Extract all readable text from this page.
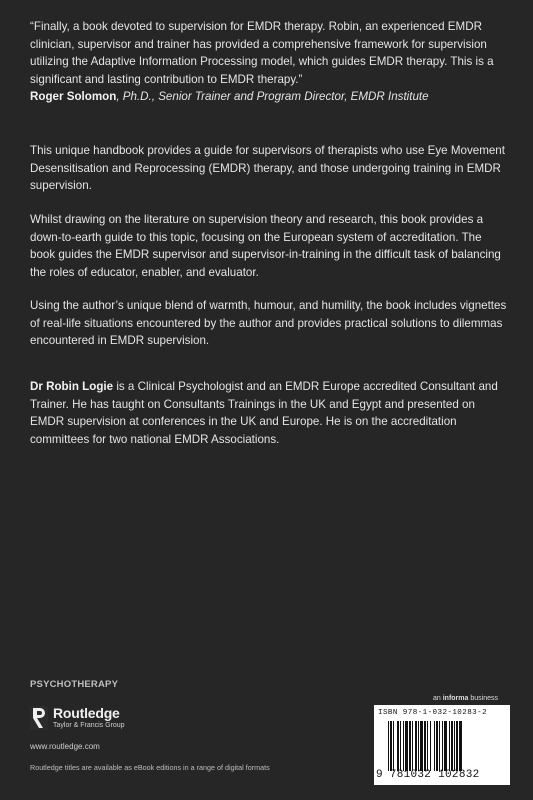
“Finally, a book devoted to supervision for EMDR therapy. Robin, an experienced EMDR clinician, supervisor and trainer has provided a comprehensive framework for supervision utilizing the Adaptive Information Processing model, which guides EMDR therapy. This is a significant and lasting contribution to EMDR therapy.”

Roger Solomon, Ph.D., Senior Trainer and Program Director, EMDR Institute

This unique handbook provides a guide for supervisors of therapists who use Eye Movement Desensitisation and Reprocessing (EMDR) therapy, and those undergoing training in EMDR supervision.

Whilst drawing on the literature on supervision theory and research, this book provides a down-to-earth guide to this topic, focusing on the European system of accreditation. The book guides the EMDR supervisor and supervisor-in-training in the difficult task of balancing the roles of educator, enabler, and evaluator.

Using the author’s unique blend of warmth, humour, and humility, the book includes vignettes of real-life situations encountered by the author and provides practical solutions to dilemmas encountered in EMDR supervision.

Dr Robin Logie is a Clinical Psychologist and an EMDR Europe accredited Consultant and Trainer. He has taught on Consultants Trainings in the UK and Egypt and presented on EMDR supervision at conferences in the UK and Europe. He is on the accreditation committees for two national EMDR Associations.

PSYCHOTHERAPY
Routledge
Taylor & Francis Group
www.routledge.com
Routledge titles are available as eBook editions in a range of digital formats
an informa business
ISBN 978-1-032-10283-2
9 781032 102832
